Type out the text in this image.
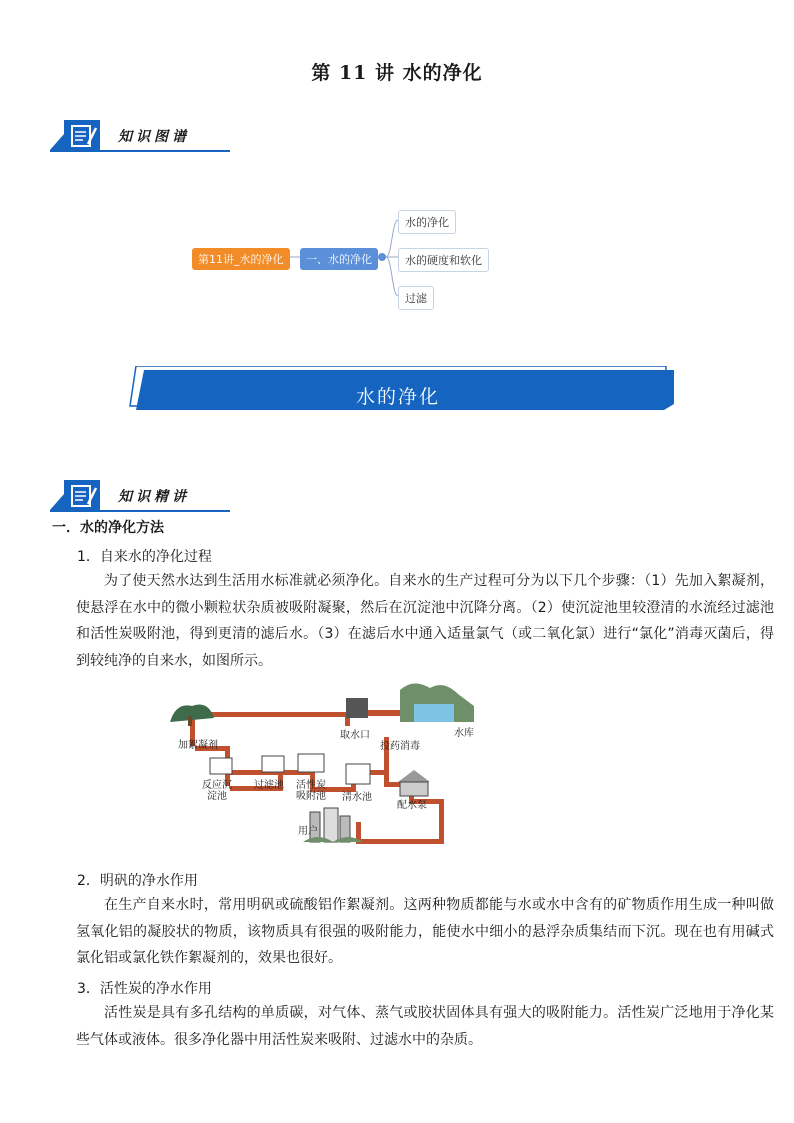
第 11 讲 水的净化
知识图谱
第11讲_水的净化	一、水的净化
水的净化
水的硬度和软化
过滤
水的净化
知识精讲
一．水的净化方法
1．自来水的净化过程
为了使天然水达到生活用水标准就必须净化。自来水的生产过程可分为以下几个步骤：（1）先加入絮凝剂，使悬浮在水中的微小颗粒状杂质被吸附凝聚，然后在沉淀池中沉降分离。（2）使沉淀池里较澄清的水流经过滤池和活性炭吸附池，得到更清的滤后水。（3）在滤后水中通入适量氯气（或二氧化氯）进行“氯化”消毒灭菌后，得到较纯净的自来水，如图所示。
加絮凝剂
取水口	水库
投药消毒
反应沉
淀池
过滤池 活性炭
吸附池 清水池
配水泵
用户
2．明矾的净水作用
在生产自来水时，常用明矾或硫酸铝作絮凝剂。这两种物质都能与水或水中含有的矿物质作用生成一种叫做氢氧化铝的凝胶状的物质，该物质具有很强的吸附能力，能使水中细小的悬浮杂质集结而下沉。现在也有用碱式氯化铝或氯化铁作絮凝剂的，效果也很好。
3．活性炭的净水作用
活性炭是具有多孔结构的单质碳，对气体、蒸气或胶状固体具有强大的吸附能力。活性炭广泛地用于净化某些气体或液体。很多净化器中用活性炭来吸附、过滤水中的杂质。
